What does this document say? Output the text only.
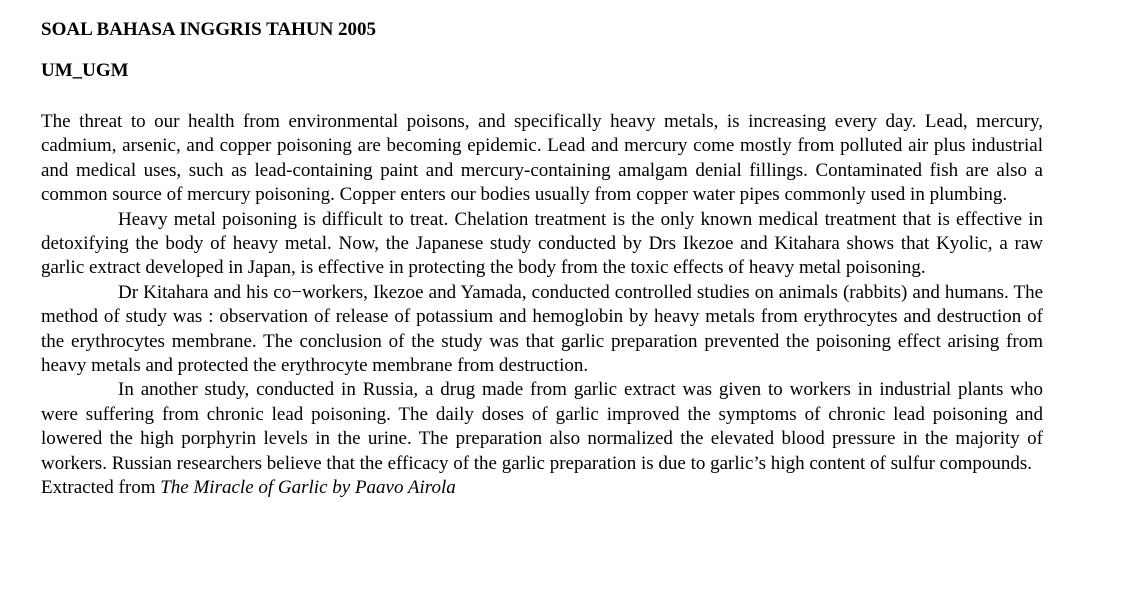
SOAL BAHASA INGGRIS TAHUN 2005
UM_UGM

The threat to our health from environmental poisons, and specifically heavy metals, is increasing every day. Lead, mercury, cadmium, arsenic, and copper poisoning are becoming epidemic. Lead and mercury come mostly from polluted air plus industrial and medical uses, such as lead-containing paint and mercury-containing amalgam denial fillings. Contaminated fish are also a common source of mercury poisoning. Copper enters our bodies usually from copper water pipes commonly used in plumbing.

Heavy metal poisoning is difficult to treat. Chelation treatment is the only known medical treatment that is effective in detoxifying the body of heavy metal. Now, the Japanese study conducted by Drs Ikezoe and Kitahara shows that Kyolic, a raw garlic extract developed in Japan, is effective in protecting the body from the toxic effects of heavy metal poisoning.

Dr Kitahara and his co−workers, Ikezoe and Yamada, conducted controlled studies on animals (rabbits) and humans. The method of study was : observation of release of potassium and hemoglobin by heavy metals from erythrocytes and destruction of the erythrocytes membrane. The conclusion of the study was that garlic preparation prevented the poisoning effect arising from heavy metals and protected the erythrocyte membrane from destruction.

In another study, conducted in Russia, a drug made from garlic extract was given to workers in industrial plants who were suffering from chronic lead poisoning. The daily doses of garlic improved the symptoms of chronic lead poisoning and lowered the high porphyrin levels in the urine. The preparation also normalized the elevated blood pressure in the majority of workers. Russian researchers believe that the efficacy of the garlic preparation is due to garlic’s high content of sulfur compounds.

Extracted from The Miracle of Garlic by Paavo Airola
